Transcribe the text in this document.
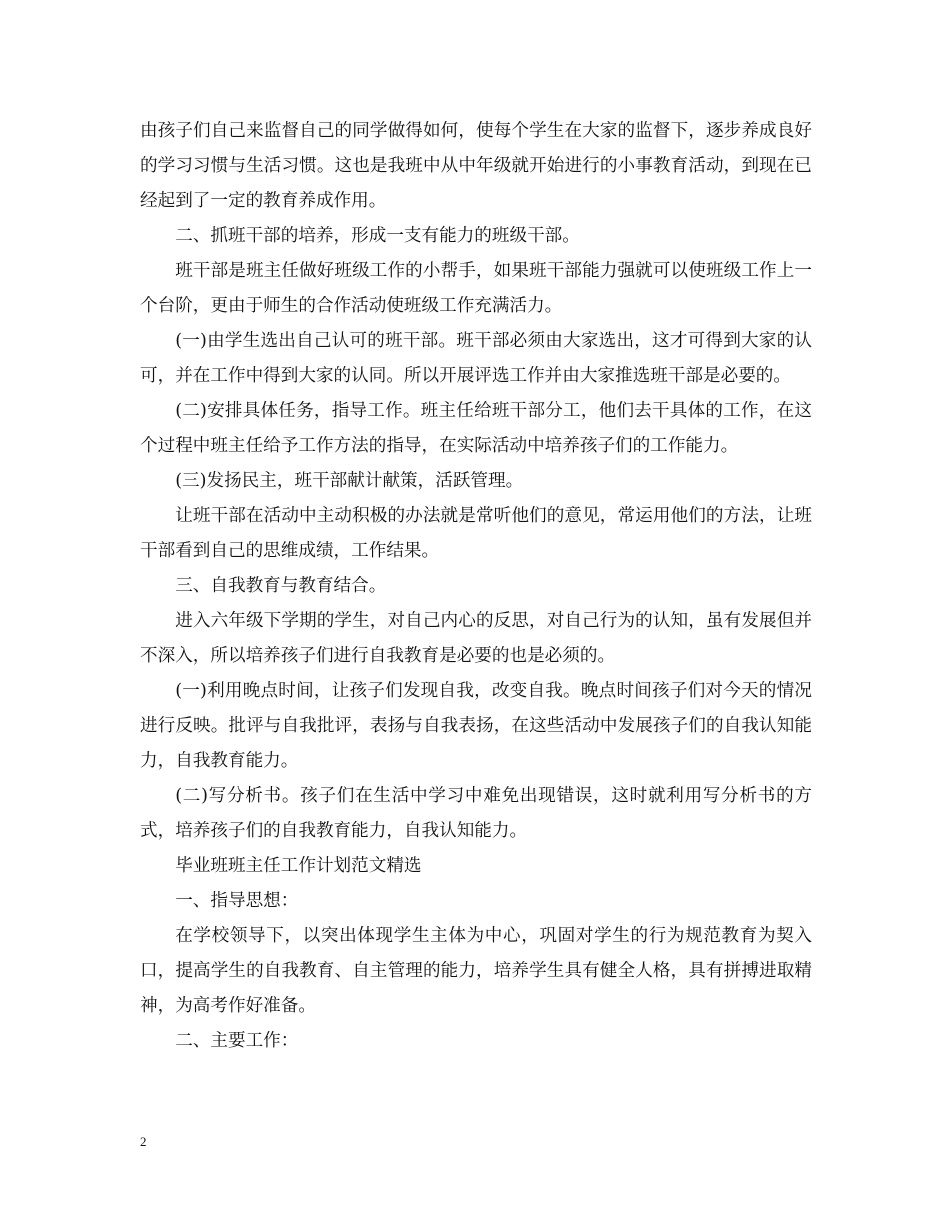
由孩子们自己来监督自己的同学做得如何，使每个学生在大家的监督下，逐步养成良好的学习习惯与生活习惯。这也是我班中从中年级就开始进行的小事教育活动，到现在已经起到了一定的教育养成作用。

二、抓班干部的培养，形成一支有能力的班级干部。

班干部是班主任做好班级工作的小帮手，如果班干部能力强就可以使班级工作上一个台阶，更由于师生的合作活动使班级工作充满活力。

(一)由学生选出自己认可的班干部。班干部必须由大家选出，这才可得到大家的认可，并在工作中得到大家的认同。所以开展评选工作并由大家推选班干部是必要的。

(二)安排具体任务，指导工作。班主任给班干部分工，他们去干具体的工作，在这个过程中班主任给予工作方法的指导，在实际活动中培养孩子们的工作能力。

(三)发扬民主，班干部献计献策，活跃管理。

让班干部在活动中主动积极的办法就是常听他们的意见，常运用他们的方法，让班干部看到自己的思维成绩，工作结果。

三、自我教育与教育结合。

进入六年级下学期的学生，对自己内心的反思，对自己行为的认知，虽有发展但并不深入，所以培养孩子们进行自我教育是必要的也是必须的。

(一)利用晚点时间，让孩子们发现自我，改变自我。晚点时间孩子们对今天的情况进行反映。批评与自我批评，表扬与自我表扬，在这些活动中发展孩子们的自我认知能力，自我教育能力。

(二)写分析书。孩子们在生活中学习中难免出现错误，这时就利用写分析书的方式，培养孩子们的自我教育能力，自我认知能力。

毕业班班主任工作计划范文精选

一、指导思想：

在学校领导下，以突出体现学生主体为中心，巩固对学生的行为规范教育为契入口，提高学生的自我教育、自主管理的能力，培养学生具有健全人格，具有拼搏进取精神，为高考作好准备。

二、主要工作：

2
